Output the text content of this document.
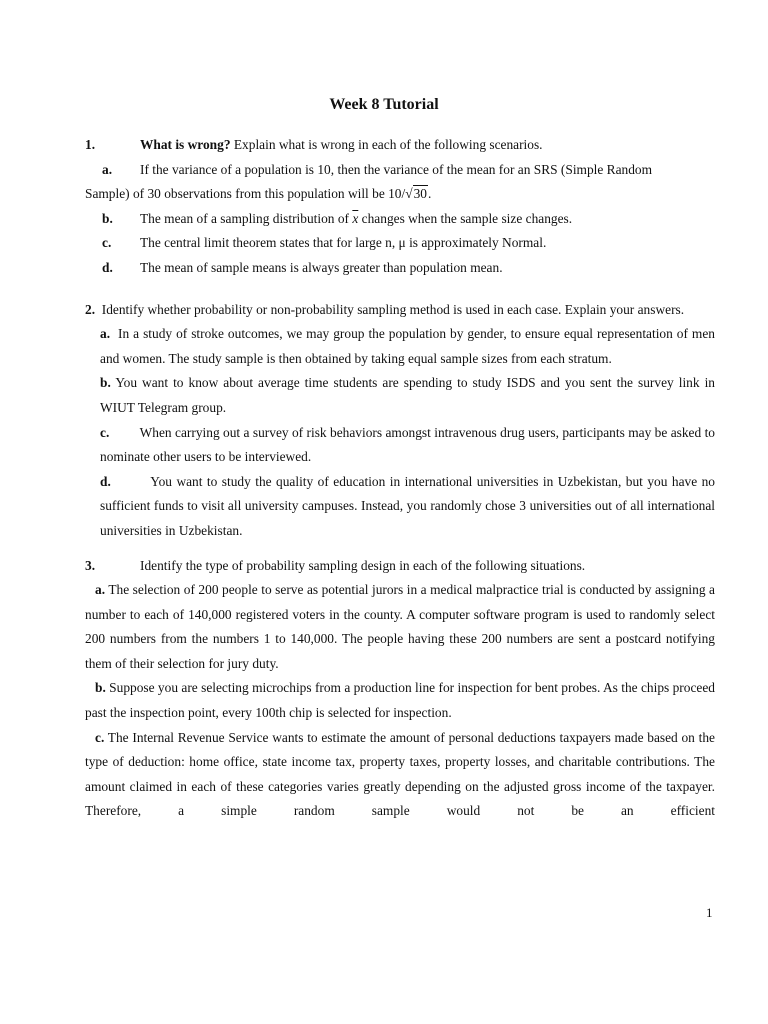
Week 8 Tutorial
1.	What is wrong? Explain what is wrong in each of the following scenarios.
a. If the variance of a population is 10, then the variance of the mean for an SRS (Simple Random
Sample) of 30 observations from this population will be 10/√30.
b. The mean of a sampling distribution of $\overline{x}$ changes when the sample size changes.
c. The central limit theorem states that for large n, μ is approximately Normal.
d. The mean of sample means is always greater than population mean.
2. Identify whether probability or non-probability sampling method is used in each case. Explain your answers.
a. In a study of stroke outcomes, we may group the population by gender, to ensure equal representation of men and women. The study sample is then obtained by taking equal sample sizes from each stratum.
b. You want to know about average time students are spending to study ISDS and you sent the survey link in WIUT Telegram group.
c. When carrying out a survey of risk behaviors amongst intravenous drug users, participants may be asked to nominate other users to be interviewed.
d.	You want to study the quality of education in international universities in Uzbekistan, but you have no sufficient funds to visit all university campuses. Instead, you randomly chose 3 universities out of all international universities in Uzbekistan.
3.	Identify the type of probability sampling design in each of the following situations.
a. The selection of 200 people to serve as potential jurors in a medical malpractice trial is conducted by assigning a number to each of 140,000 registered voters in the county. A computer software program is used to randomly select 200 numbers from the numbers 1 to 140,000. The people having these 200 numbers are sent a postcard notifying them of their selection for jury duty.
b. Suppose you are selecting microchips from a production line for inspection for bent probes. As the chips proceed past the inspection point, every 100th chip is selected for inspection.
c. The Internal Revenue Service wants to estimate the amount of personal deductions taxpayers made based on the type of deduction: home office, state income tax, property taxes, property losses, and charitable contributions. The amount claimed in each of these categories varies greatly depending on the adjusted gross income of the taxpayer. Therefore, a simple random sample would not be an efficient
1
